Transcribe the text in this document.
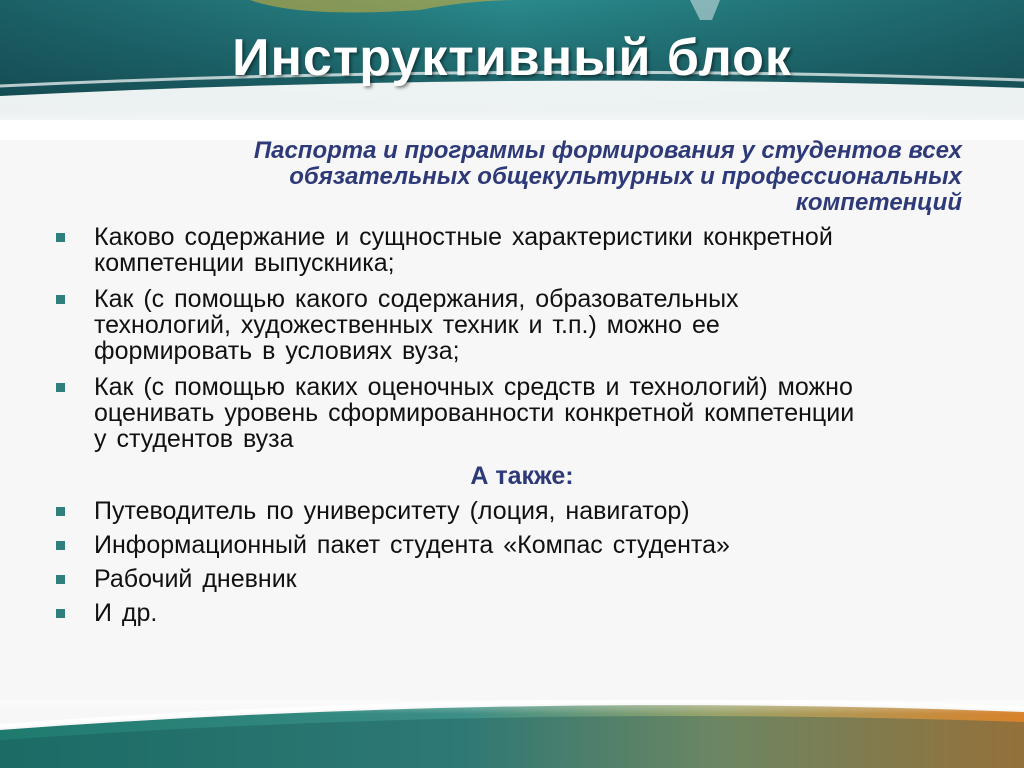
Инструктивный блок
Паспорта и программы формирования у студентов всех
обязательных общекультурных и профессиональных
компетенций
Каково содержание и сущностные характеристики конкретной
компетенции выпускника;
Как (с помощью какого содержания, образовательных
технологий, художественных техник и т.п.) можно ее
формировать в условиях вуза;
Как (с помощью каких оценочных средств и технологий) можно
оценивать уровень сформированности конкретной компетенции
у студентов вуза
А также:
Путеводитель по университету (лоция, навигатор)
Информационный пакет студента «Компас студента»
Рабочий дневник
И др.
